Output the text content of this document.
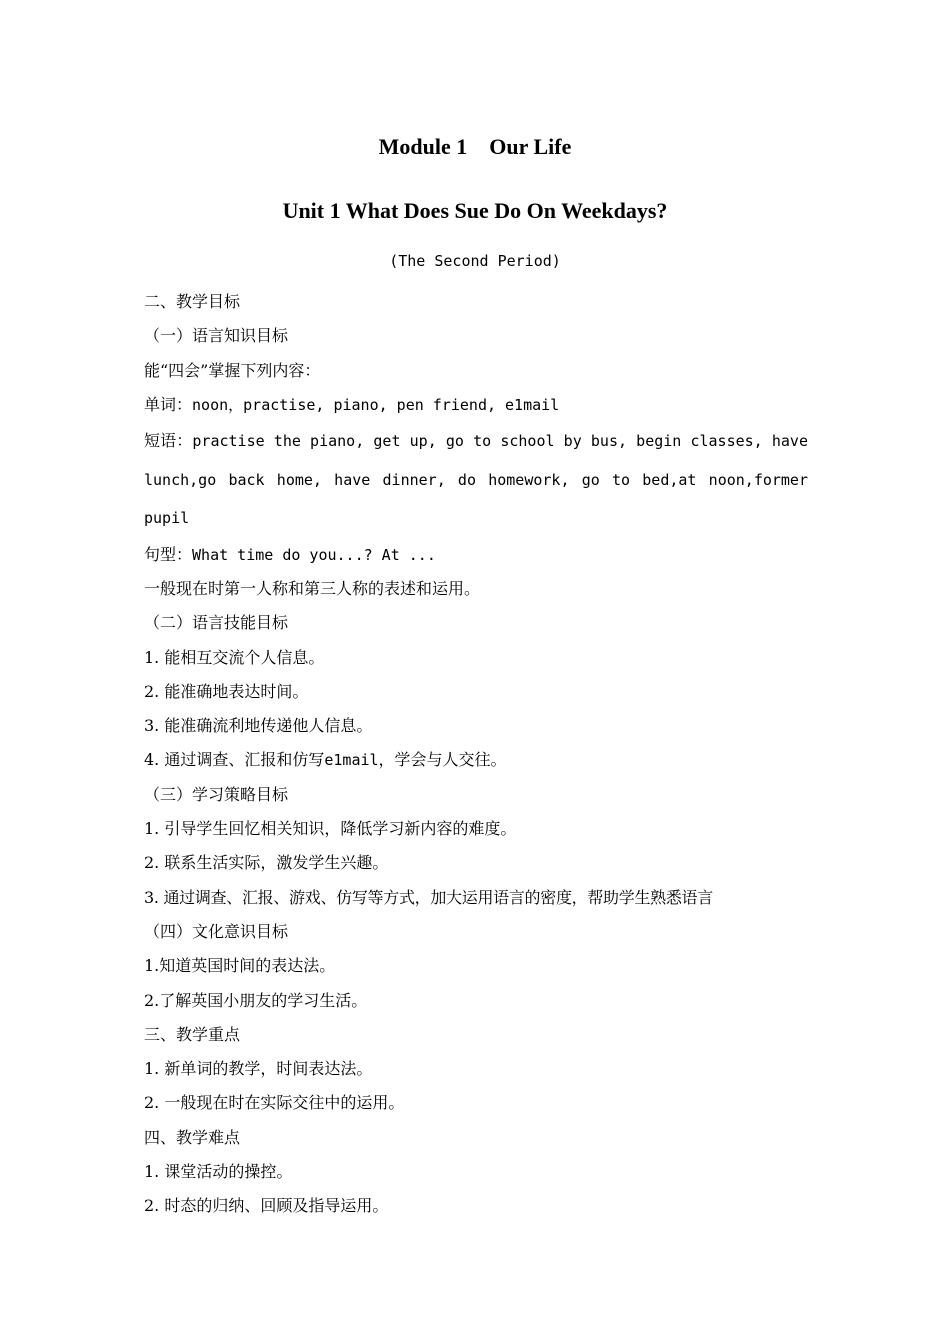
Module 1    Our Life

Unit 1 What Does Sue Do On Weekdays?

(The Second Period)

二、教学目标

（一）语言知识目标

能“四会”掌握下列内容：

单词：noon，practise, piano, pen friend, e1mail

短语：practise the piano, get up, go to school by bus, begin classes, have lunch,go back home, have dinner, do homework, go to bed,at noon,former pupil

句型：What time do you...? At ...

一般现在时第一人称和第三人称的表述和运用。

（二）语言技能目标

1. 能相互交流个人信息。

2. 能准确地表达时间。

3. 能准确流利地传递他人信息。

4. 通过调查、汇报和仿写e1mail，学会与人交往。

（三）学习策略目标

1. 引导学生回忆相关知识，降低学习新内容的难度。

2. 联系生活实际，激发学生兴趣。

3. 通过调查、汇报、游戏、仿写等方式，加大运用语言的密度，帮助学生熟悉语言

（四）文化意识目标

1.知道英国时间的表达法。

2.了解英国小朋友的学习生活。

三、教学重点

1. 新单词的教学，时间表达法。

2. 一般现在时在实际交往中的运用。

四、教学难点

1. 课堂活动的操控。

2. 时态的归纳、回顾及指导运用。
